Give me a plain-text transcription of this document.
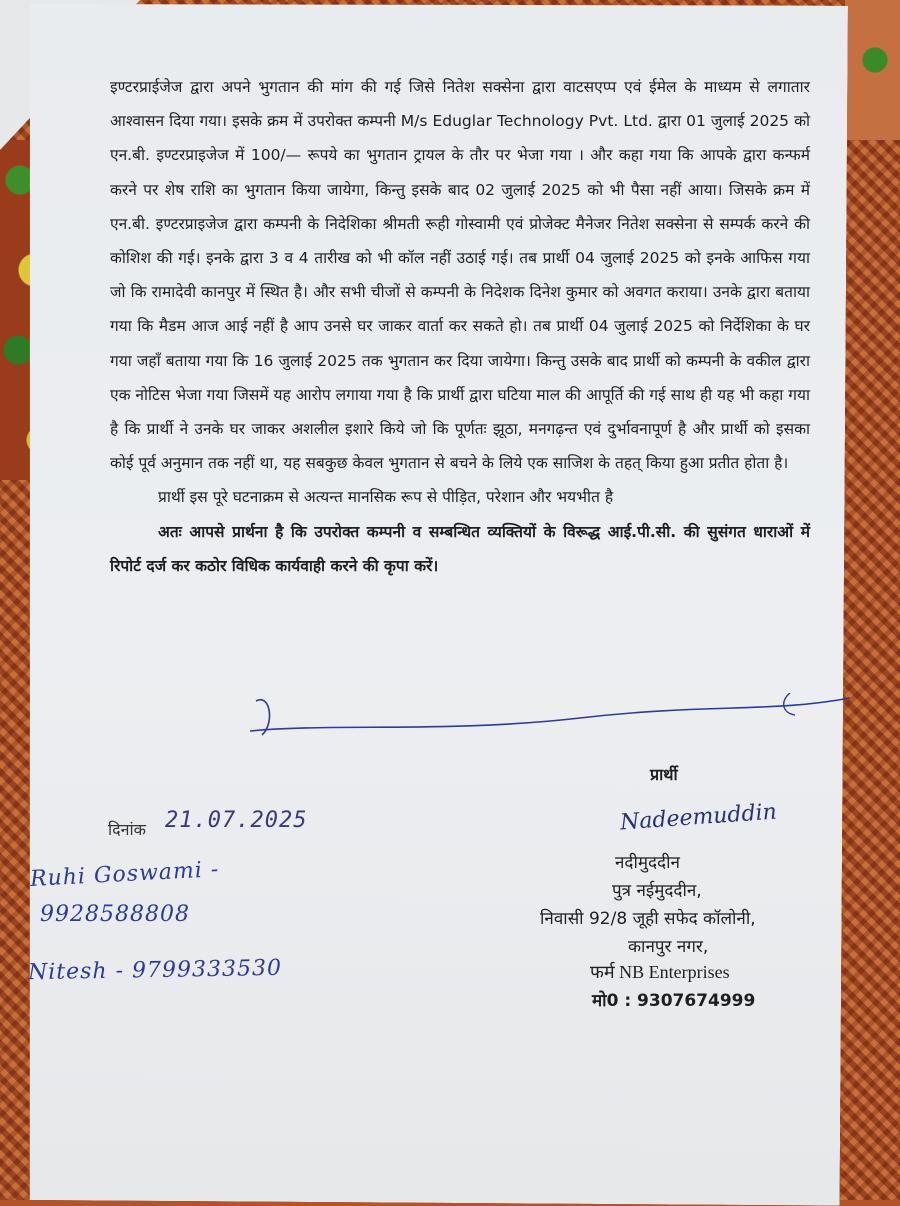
इण्टरप्राईजेज द्वारा अपने भुगतान की मांग की गई जिसे नितेश सक्सेना द्वारा वाटसएप्प एवं ईमेल के माध्यम से लगातार आश्वासन दिया गया। इसके क्रम में उपरोक्त कम्पनी M/s Eduglar Technology Pvt. Ltd. द्वारा 01 जुलाई 2025 को एन.बी. इण्टरप्राइजेज में 100/— रूपये का भुगतान ट्रायल के तौर पर भेजा गया । और कहा गया कि आपके द्वारा कन्फर्म करने पर शेष राशि का भुगतान किया जायेगा, किन्तु इसके बाद 02 जुलाई 2025 को भी पैसा नहीं आया। जिसके क्रम में एन.बी. इण्टरप्राइजेज द्वारा कम्पनी के निदेशिका श्रीमती रूही गोस्वामी एवं प्रोजेक्ट मैनेजर नितेश सक्सेना से सम्पर्क करने की कोशिश की गई। इनके द्वारा 3 व 4 तारीख को भी कॉल नहीं उठाई गई। तब प्रार्थी 04 जुलाई 2025 को इनके आफिस गया जो कि रामादेवी कानपुर में स्थित है। और सभी चीजों से कम्पनी के निदेशक दिनेश कुमार को अवगत कराया। उनके द्वारा बताया गया कि मैडम आज आई नहीं है आप उनसे घर जाकर वार्ता कर सकते हो। तब प्रार्थी 04 जुलाई 2025 को निर्देशिका के घर गया जहाँ बताया गया कि 16 जुलाई 2025 तक भुगतान कर दिया जायेगा। किन्तु उसके बाद प्रार्थी को कम्पनी के वकील द्वारा एक नोटिस भेजा गया जिसमें यह आरोप लगाया गया है कि प्रार्थी द्वारा घटिया माल की आपूर्ति की गई साथ ही यह भी कहा गया है कि प्रार्थी ने उनके घर जाकर अशलील इशारे किये जो कि पूर्णतः झूठा, मनगढ़न्त एवं दुर्भावनापूर्ण है और प्रार्थी को इसका कोई पूर्व अनुमान तक नहीं था, यह सबकुछ केवल भुगतान से बचने के लिये एक साजिश के तहत् किया हुआ प्रतीत होता है।

प्रार्थी इस पूरे घटनाक्रम से अत्यन्त मानसिक रूप से पीड़ित, परेशान और भयभीत है

अतः आपसे प्रार्थना है कि उपरोक्त कम्पनी व सम्बन्धित व्यक्तियों के विरूद्ध आई.पी.सी. की सुसंगत धाराओं में रिपोर्ट दर्ज कर कठोर विधिक कार्यवाही करने की कृपा करें।

प्रार्थी
Nadeemuddin
नदीमुददीन
पुत्र नईमुददीन,
निवासी 92/8 जूही सफेद कॉलोनी,
कानपुर नगर,
फर्म NB Enterprises
मो0 : 9307674999
दिनांक 21.07.2025
Ruhi Goswami -
9928588808
Nitesh - 9799333530
